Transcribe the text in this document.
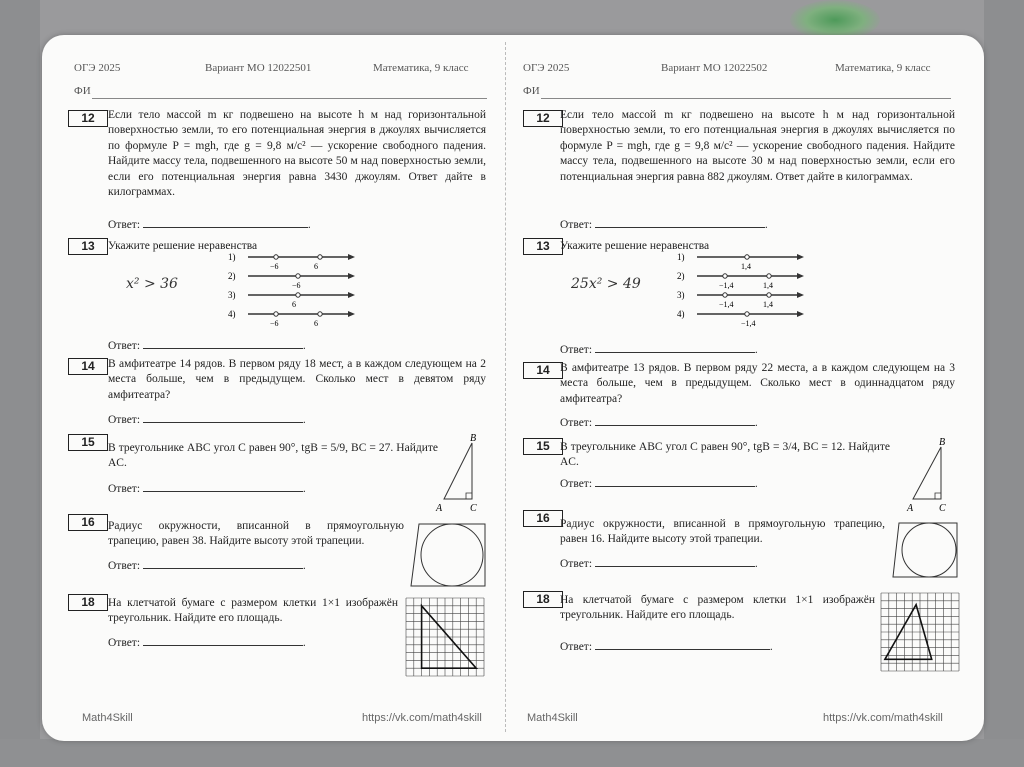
ОГЭ 2025	Вариант МО 12022501	Математика, 9 класс
ФИ
12	Если тело массой m кг подвешено на высоте h м над горизонтальной поверхностью земли, то его потенциальная энергия в джоулях вычисляется по формуле P = mgh, где g = 9,8 м/с² — ускорение свободного падения. Найдите массу тела, подвешенного на высоте 50 м над поверхностью земли, если его потенциальная энергия равна 3430 джоулям. Ответ дайте в килограммах.
Ответ:	.
13	Укажите решение неравенства
x² > 36
1)
−6	6
2)
−6
3)
6
4)
−6	6
Ответ:	.
14	В амфитеатре 14 рядов. В первом ряду 18 мест, а в каждом следующем на 2 места больше, чем в предыдущем. Сколько мест в девятом ряду амфитеатра?
Ответ:	.
15	В треугольнике ABC угол C равен 90°, tgB = 5/9, BC = 27. Найдите AC.
Ответ:	.
A
B
C
16	Радиус окружности, вписанной в прямоугольную трапецию, равен 38. Найдите высоту этой трапеции.
Ответ:	.
18	На клетчатой бумаге с размером клетки 1×1 изображён треугольник. Найдите его площадь.
Ответ:	.
Math4Skill	https://vk.com/math4skill
ОГЭ 2025	Вариант МО 12022502	Математика, 9 класс
ФИ
12 Если тело массой m кг подвешено на высоте h м над горизонтальной поверхностью земли, то его потенциальная энергия в джоулях вычисляется по формуле P = mgh, где g = 9,8 м/с² — ускорение свободного падения. Найдите массу тела, подвешенного на высоте 30 м над поверхностью земли, если его потенциальная энергия равна 882 джоулям. Ответ дайте в килограммах.
Ответ:	.
13 Укажите решение неравенства
25x² > 49
1)
1,4
2)
−1,4	1,4
3)
−1,4	1,4
4)
−1,4
Ответ:	.
14 В амфитеатре 13 рядов. В первом ряду 22 места, а в каждом следующем на 3 места больше, чем в предыдущем. Сколько мест в одиннадцатом ряду амфитеатра?
Ответ:	.
15 В треугольнике ABC угол C равен 90°, tgB = 3/4, BC = 12. Найдите AC.
Ответ:	.
A
B
C
16 Радиус окружности, вписанной в прямоугольную трапецию, равен 16. Найдите высоту этой трапеции.
Ответ:	.
18 На клетчатой бумаге с размером клетки 1×1 изображён треугольник. Найдите его площадь.
Ответ:	.
Math4Skill	https://vk.com/math4skill
